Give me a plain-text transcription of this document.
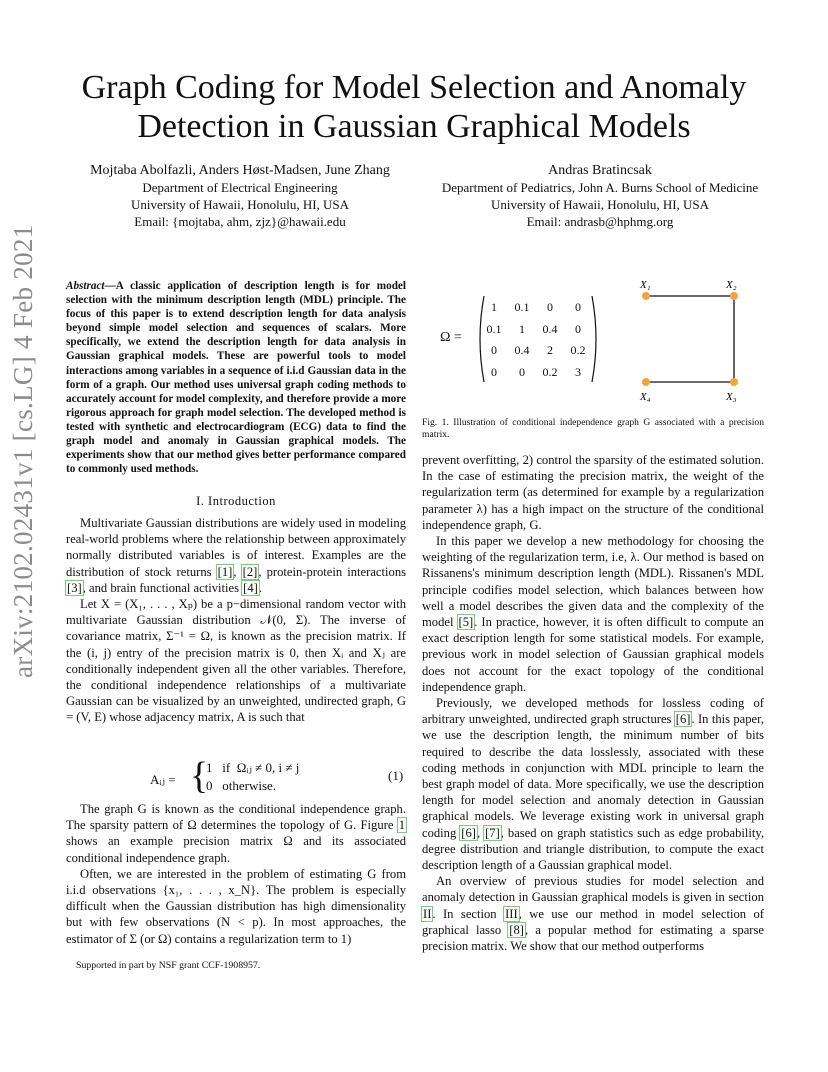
Graph Coding for Model Selection and Anomaly
Detection in Gaussian Graphical Models
Mojtaba Abolfazli, Anders Høst-Madsen, June Zhang
Department of Electrical Engineering
University of Hawaii, Honolulu, HI, USA
Email: {mojtaba, ahm, zjz}@hawaii.edu
Andras Bratincsak
Department of Pediatrics, John A. Burns School of Medicine
University of Hawaii, Honolulu, HI, USA
Email: andrasb@hphmg.org
arXiv:2102.02431v1 [cs.LG] 4 Feb 2021	Abstract—A classic application of description length is for model selection with the minimum description length (MDL) principle. The focus of this paper is to extend description length for data analysis beyond simple model selection and sequences of scalars. More specifically, we extend the description length for data analysis in Gaussian graphical models. These are powerful tools to model interactions among variables in a sequence of i.i.d Gaussian data in the form of a graph. Our method uses universal graph coding methods to accurately account for model complexity, and therefore provide a more rigorous approach for graph model selection. The developed method is tested with synthetic and electrocardiogram (ECG) data to find the graph model and anomaly in Gaussian graphical models. The experiments show that our method gives better performance compared to commonly used methods.
I. Introduction

Multivariate Gaussian distributions are widely used in modeling real-world problems where the relationship between approximately normally distributed variables is of interest. Examples are the distribution of stock returns [1], [2], protein-protein interactions [3], and brain functional activities [4].

Let X = (X₁, . . . , Xₚ) be a p−dimensional random vector with multivariate Gaussian distribution 𝒩(0, Σ). The inverse of covariance matrix, Σ⁻¹ = Ω, is known as the precision matrix. If the (i, j) entry of the precision matrix is 0, then Xᵢ and Xⱼ are conditionally independent given all the other variables. Therefore, the conditional independence relationships of a multivariate Gaussian can be visualized by an unweighted, undirected graph, G = (V, E) whose adjacency matrix, A is such that

Aᵢⱼ = {
1   if  Ωᵢⱼ ≠ 0, i ≠ j
0   otherwise.
(1)

The graph G is known as the conditional independence graph. The sparsity pattern of Ω determines the topology of G. Figure 1 shows an example precision matrix Ω and its associated conditional independence graph.

Often, we are interested in the problem of estimating G from i.i.d observations {x₁, . . . , x_N}. The problem is especially difficult when the Gaussian distribution has high dimensionality but with few observations (N < p). In most approaches, the estimator of Σ (or Ω) contains a regularization term to 1)

Supported in part by NSF grant CCF-1908957.
Ω =
1	0.1	0	0
0.1	1	0.4	0
0	0.4	2	0.2
0	0	0.2	3
X₁	X₂
X₄	X₃
Fig. 1. Illustration of conditional independence graph G associated with a precision matrix.

prevent overfitting, 2) control the sparsity of the estimated solution. In the case of estimating the precision matrix, the weight of the regularization term (as determined for example by a regularization parameter λ) has a high impact on the structure of the conditional independence graph, G.

In this paper we develop a new methodology for choosing the weighting of the regularization term, i.e, λ. Our method is based on Rissanens's minimum description length (MDL). Rissanen's MDL principle codifies model selection, which balances between how well a model describes the given data and the complexity of the model [5]. In practice, however, it is often difficult to compute an exact description length for some statistical models. For example, previous work in model selection of Gaussian graphical models does not account for the exact topology of the conditional independence graph.

Previously, we developed methods for lossless coding of arbitrary unweighted, undirected graph structures [6]. In this paper, we use the description length, the minimum number of bits required to describe the data losslessly, associated with these coding methods in conjunction with MDL principle to learn the best graph model of data. More specifically, we use the description length for model selection and anomaly detection in Gaussian graphical models. We leverage existing work in universal graph coding [6], [7], based on graph statistics such as edge probability, degree distribution and triangle distribution, to compute the exact description length of a Gaussian graphical model.

An overview of previous studies for model selection and anomaly detection in Gaussian graphical models is given in section II. In section III, we use our method in model selection of graphical lasso [8], a popular method for estimating a sparse precision matrix. We show that our method outperforms
